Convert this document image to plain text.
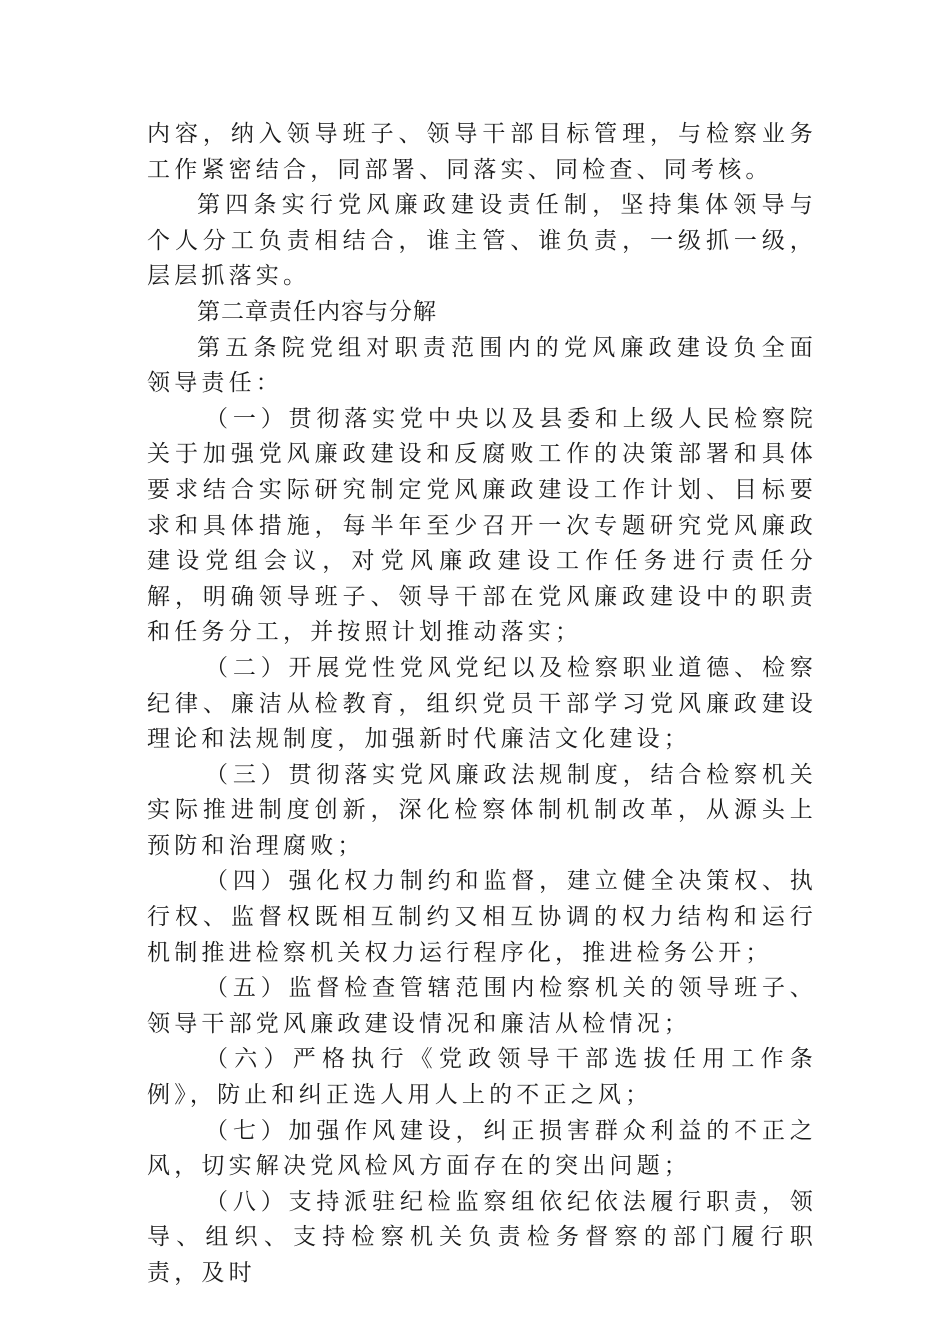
内容，纳入领导班子、领导干部目标管理，与检察业务工作紧密结合，同部署、同落实、同检查、同考核。

第四条实行党风廉政建设责任制，坚持集体领导与个人分工负责相结合，谁主管、谁负责，一级抓一级，层层抓落实。

第二章责任内容与分解

第五条院党组对职责范围内的党风廉政建设负全面领导责任：

（一）贯彻落实党中央以及县委和上级人民检察院关于加强党风廉政建设和反腐败工作的决策部署和具体要求结合实际研究制定党风廉政建设工作计划、目标要求和具体措施，每半年至少召开一次专题研究党风廉政建设党组会议，对党风廉政建设工作任务进行责任分解，明确领导班子、领导干部在党风廉政建设中的职责和任务分工，并按照计划推动落实；

（二）开展党性党风党纪以及检察职业道德、检察纪律、廉洁从检教育，组织党员干部学习党风廉政建设理论和法规制度，加强新时代廉洁文化建设；

（三）贯彻落实党风廉政法规制度，结合检察机关实际推进制度创新，深化检察体制机制改革，从源头上预防和治理腐败；

（四）强化权力制约和监督，建立健全决策权、执行权、监督权既相互制约又相互协调的权力结构和运行机制推进检察机关权力运行程序化，推进检务公开；

（五）监督检查管辖范围内检察机关的领导班子、领导干部党风廉政建设情况和廉洁从检情况；

（六）严格执行《党政领导干部选拔任用工作条例》，防止和纠正选人用人上的不正之风；

（七）加强作风建设，纠正损害群众利益的不正之风，切实解决党风检风方面存在的突出问题；

（八）支持派驻纪检监察组依纪依法履行职责，领导、组织、支持检察机关负责检务督察的部门履行职责，及时
